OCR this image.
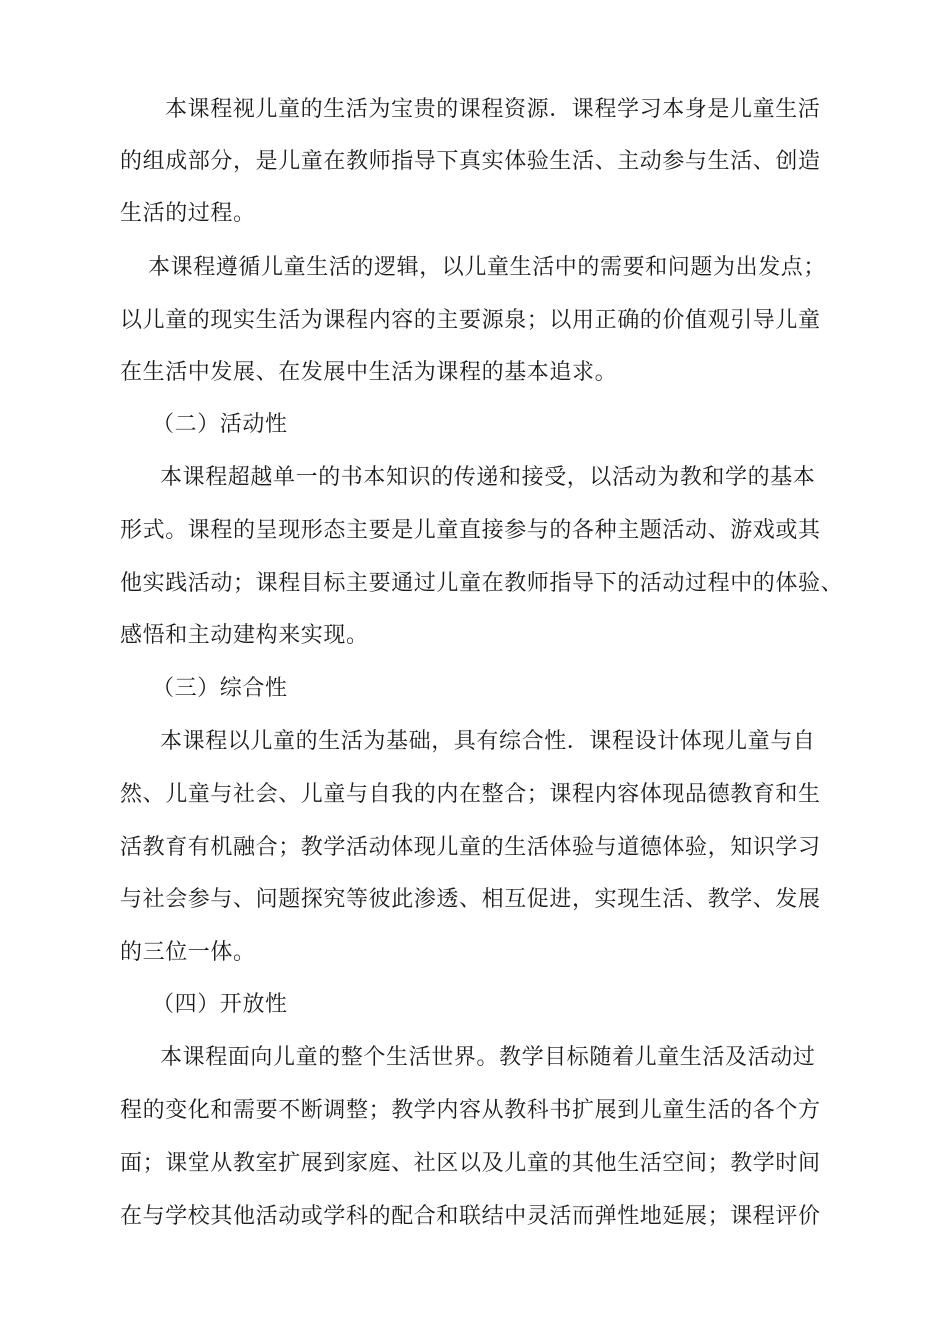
本课程视儿童的生活为宝贵的课程资源．课程学习本身是儿童生活
的组成部分，是儿童在教师指导下真实体验生活、主动参与生活、创造
生活的过程。
本课程遵循儿童生活的逻辑，以儿童生活中的需要和问题为出发点；
以儿童的现实生活为课程内容的主要源泉；以用正确的价值观引导儿童
在生活中发展、在发展中生活为课程的基本追求。
（二）活动性
本课程超越单一的书本知识的传递和接受，以活动为教和学的基本
形式。课程的呈现形态主要是儿童直接参与的各种主题活动、游戏或其
他实践活动；课程目标主要通过儿童在教师指导下的活动过程中的体验、
感悟和主动建构来实现。
（三）综合性
本课程以儿童的生活为基础，具有综合性．课程设计体现儿童与自
然、儿童与社会、儿童与自我的内在整合；课程内容体现品德教育和生
活教育有机融合；教学活动体现儿童的生活体验与道德体验，知识学习
与社会参与、问题探究等彼此渗透、相互促进，实现生活、教学、发展
的三位一体。
（四）开放性
本课程面向儿童的整个生活世界。教学目标随着儿童生活及活动过
程的变化和需要不断调整；教学内容从教科书扩展到儿童生活的各个方
面；课堂从教室扩展到家庭、社区以及儿童的其他生活空间；教学时间
在与学校其他活动或学科的配合和联结中灵活而弹性地延展；课程评价
